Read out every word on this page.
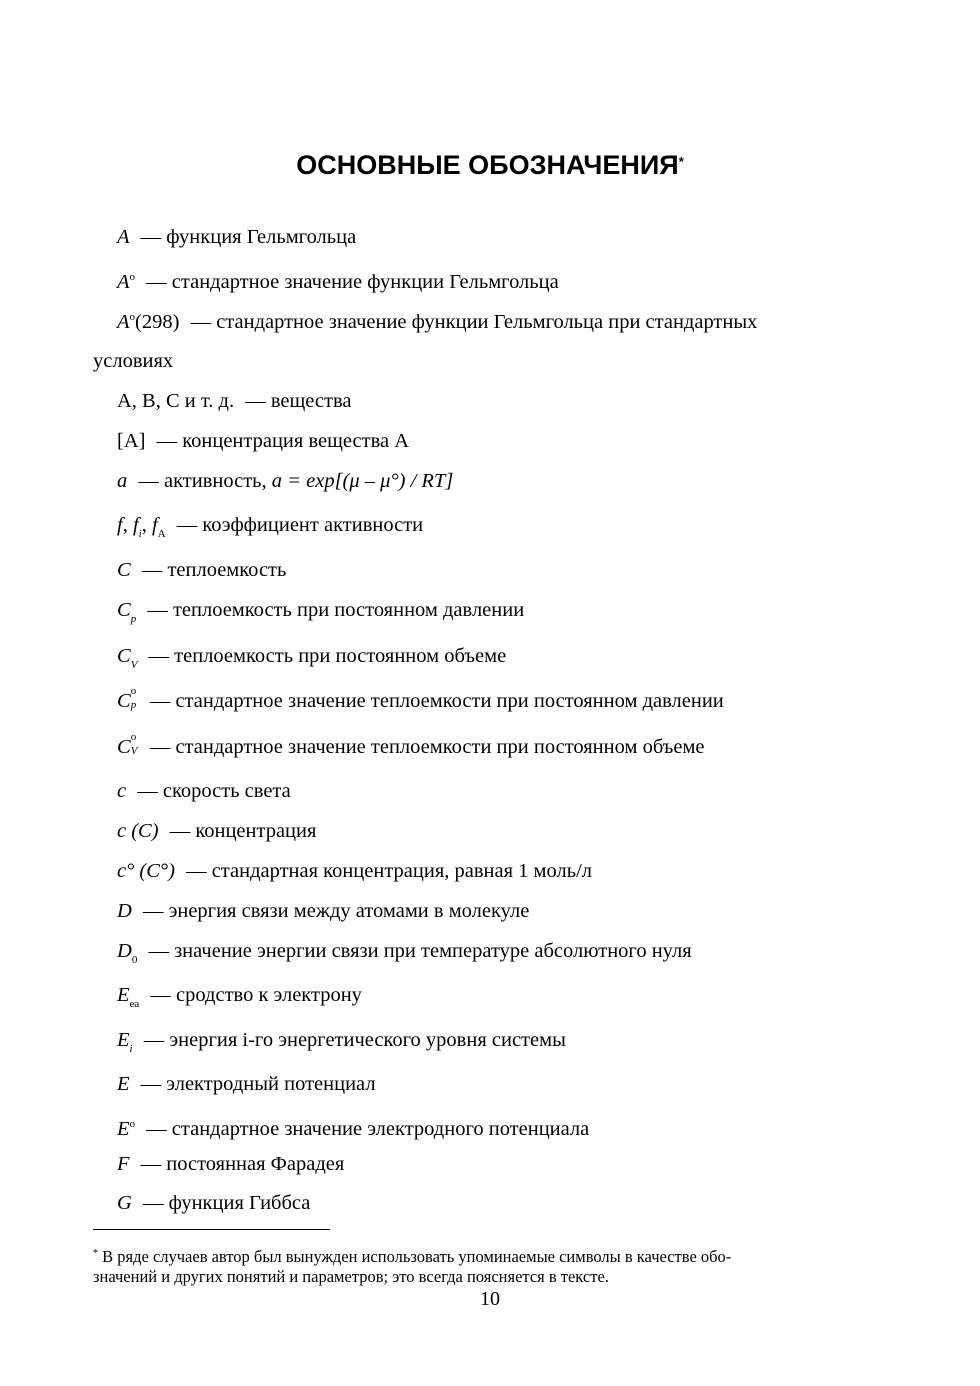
ОСНОВНЫЕ ОБОЗНАЧЕНИЯ*
A — функция Гельмгольца
$A^o$ — стандартное значение функции Гельмгольца
$A^o(298)$ — стандартное значение функции Гельмгольца при стандартных
условиях
A, B, C и т. д. — вещества
[A] — концентрация вещества A
a — активность, a = exp[(μ – μ°) / RT]
f, $f_i$, $f_A$ — коэффициент активности
C — теплоемкость
$C_p$ — теплоемкость при постоянном давлении
$C_V$ — теплоемкость при постоянном объеме
C o
p — стандартное значение теплоемкости при постоянном давлении
C o
V — стандартное значение теплоемкости при постоянном объеме
c — скорость света
c (C) — концентрация
c° (C°) — стандартная концентрация, равная 1 моль/л
D — энергия связи между атомами в молекуле
$D_0$ — значение энергии связи при температуре абсолютного нуля
$E_{ea}$ — сродство к электрону
$E_i$ — энергия i-го энергетического уровня системы
E — электродный потенциал
$E^o$ — стандартное значение электродного потенциала
F — постоянная Фарадея
G — функция Гиббса
* В ряде случаев автор был вынужден использовать упоминаемые символы в качестве обо-
значений и других понятий и параметров; это всегда поясняется в тексте.
10
